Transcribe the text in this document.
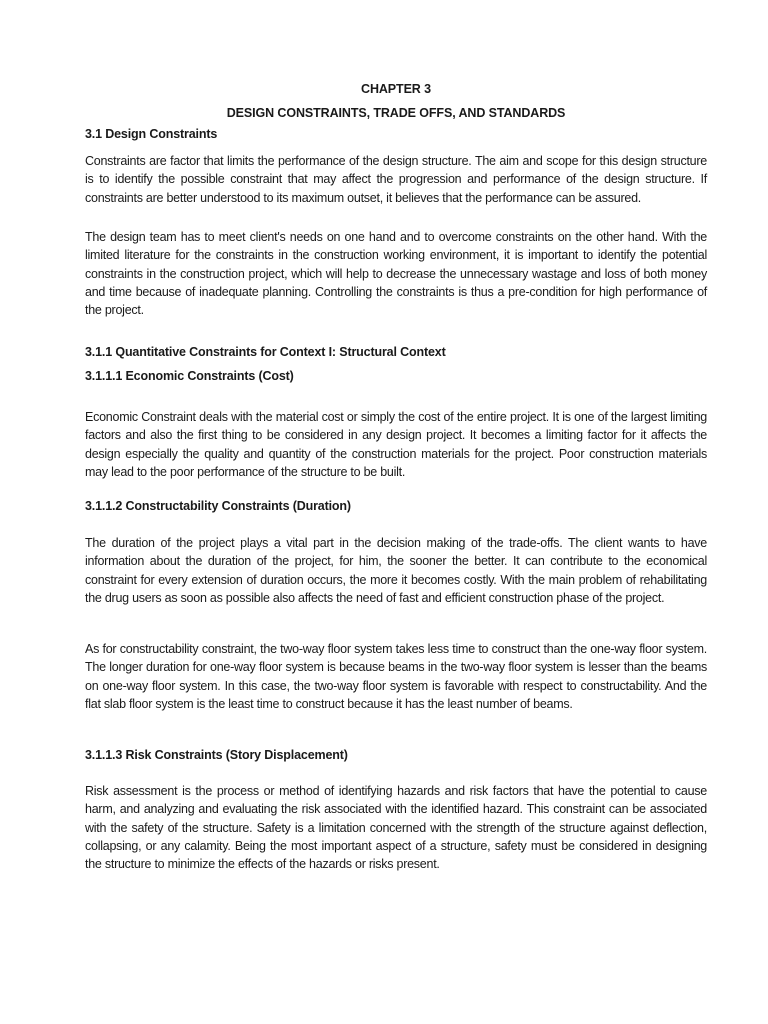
CHAPTER 3
DESIGN CONSTRAINTS, TRADE OFFS, AND STANDARDS
3.1 Design Constraints

Constraints are factor that limits the performance of the design structure. The aim and scope for this design structure is to identify the possible constraint that may affect the progression and performance of the design structure. If constraints are better understood to its maximum outset, it believes that the performance can be assured.

The design team has to meet client's needs on one hand and to overcome constraints on the other hand. With the limited literature for the constraints in the construction working environment, it is important to identify the potential constraints in the construction project, which will help to decrease the unnecessary wastage and loss of both money and time because of inadequate planning. Controlling the constraints is thus a pre-condition for high performance of the project.

3.1.1 Quantitative Constraints for Context I: Structural Context
3.1.1.1 Economic Constraints (Cost)

Economic Constraint deals with the material cost or simply the cost of the entire project. It is one of the largest limiting factors and also the first thing to be considered in any design project. It becomes a limiting factor for it affects the design especially the quality and quantity of the construction materials for the project. Poor construction materials may lead to the poor performance of the structure to be built.

3.1.1.2 Constructability Constraints (Duration)

The duration of the project plays a vital part in the decision making of the trade-offs. The client wants to have information about the duration of the project, for him, the sooner the better. It can contribute to the economical constraint for every extension of duration occurs, the more it becomes costly. With the main problem of rehabilitating the drug users as soon as possible also affects the need of fast and efficient construction phase of the project.

As for constructability constraint, the two-way floor system takes less time to construct than the one-way floor system. The longer duration for one-way floor system is because beams in the two-way floor system is lesser than the beams on one-way floor system. In this case, the two-way floor system is favorable with respect to constructability. And the flat slab floor system is the least time to construct because it has the least number of beams.

3.1.1.3 Risk Constraints (Story Displacement)

Risk assessment is the process or method of identifying hazards and risk factors that have the potential to cause harm, and analyzing and evaluating the risk associated with the identified hazard. This constraint can be associated with the safety of the structure. Safety is a limitation concerned with the strength of the structure against deflection, collapsing, or any calamity. Being the most important aspect of a structure, safety must be considered in designing the structure to minimize the effects of the hazards or risks present.
